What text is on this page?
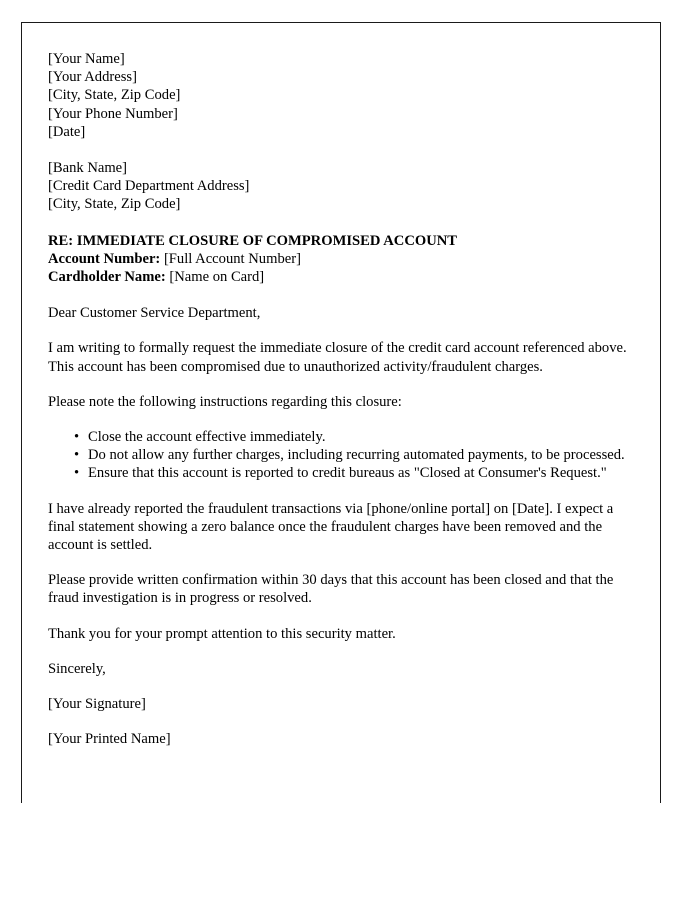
[Your Name]
[Your Address]
[City, State, Zip Code]
[Your Phone Number]
[Date]
[Bank Name]
[Credit Card Department Address]
[City, State, Zip Code]
RE: IMMEDIATE CLOSURE OF COMPROMISED ACCOUNT
Account Number: [Full Account Number]
Cardholder Name: [Name on Card]

Dear Customer Service Department,

I am writing to formally request the immediate closure of the credit card account referenced above. This account has been compromised due to unauthorized activity/fraudulent charges.

Please note the following instructions regarding this closure:

• Close the account effective immediately.
• Do not allow any further charges, including recurring automated payments, to be processed.
• Ensure that this account is reported to credit bureaus as "Closed at Consumer's Request."

I have already reported the fraudulent transactions via [phone/online portal] on [Date]. I expect a final statement showing a zero balance once the fraudulent charges have been removed and the account is settled.

Please provide written confirmation within 30 days that this account has been closed and that the fraud investigation is in progress or resolved.

Thank you for your prompt attention to this security matter.

Sincerely,

[Your Signature]

[Your Printed Name]
